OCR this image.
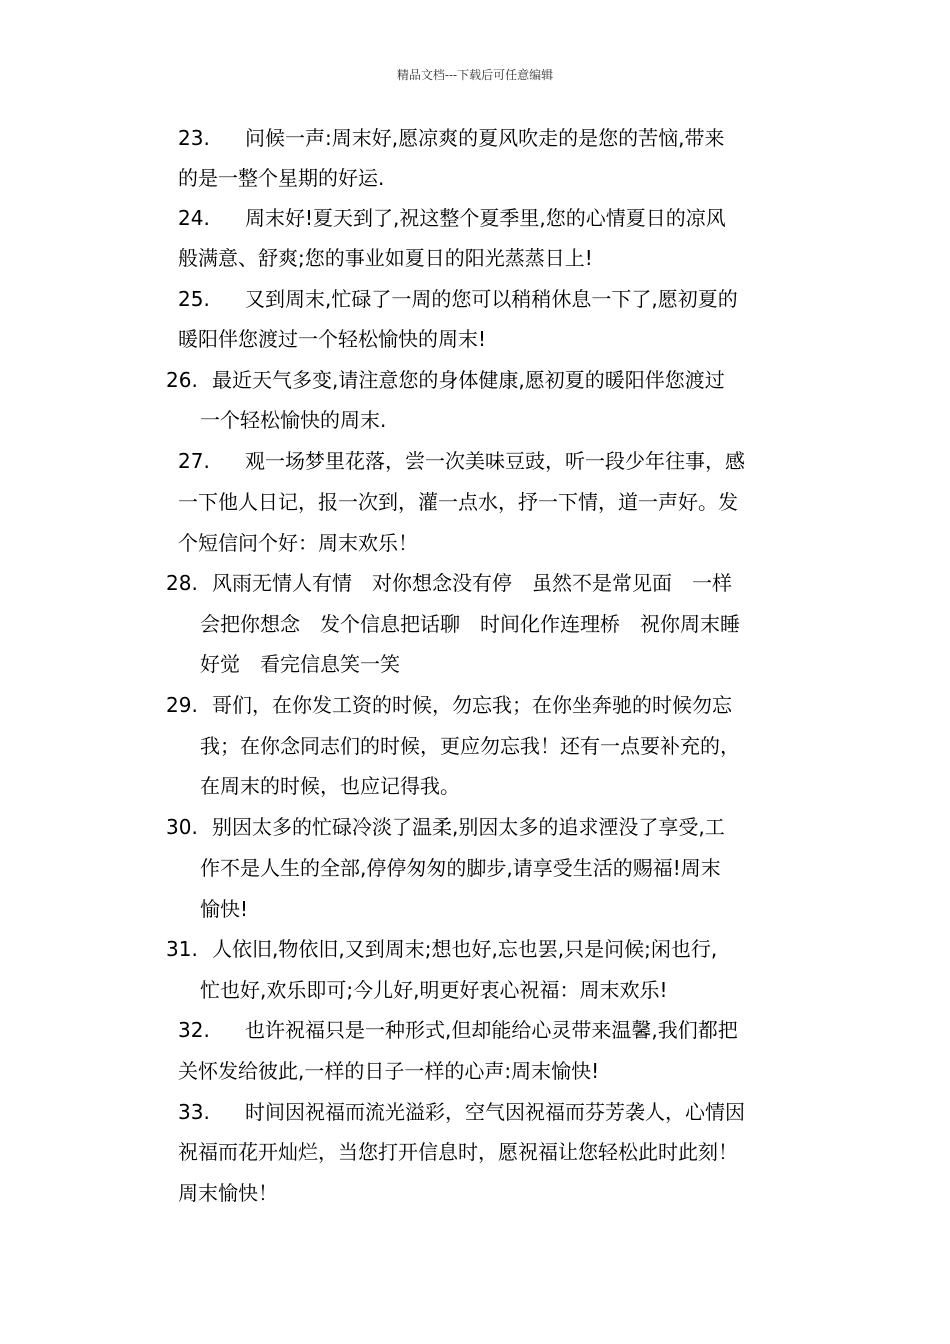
精品文档---下载后可任意编辑
23. 问候一声:周末好,愿凉爽的夏风吹走的是您的苦恼,带来
的是一整个星期的好运.
24. 周末好!夏天到了,祝这整个夏季里,您的心情夏日的凉风
般满意、舒爽;您的事业如夏日的阳光蒸蒸日上!
25. 又到周末,忙碌了一周的您可以稍稍休息一下了,愿初夏的
暖阳伴您渡过一个轻松愉快的周末!
26. 最近天气多变,请注意您的身体健康,愿初夏的暖阳伴您渡过
一个轻松愉快的周末.
27. 观一场梦里花落，尝一次美味豆豉，听一段少年往事，感
一下他人日记，报一次到，灌一点水，抒一下情，道一声好。发
个短信问个好：周末欢乐！
28. 风雨无情人有情　对你想念没有停　虽然不是常见面　一样
会把你想念　发个信息把话聊　时间化作连理桥　祝你周末睡
好觉　看完信息笑一笑
29. 哥们，在你发工资的时候，勿忘我；在你坐奔驰的时候勿忘
我；在你念同志们的时候，更应勿忘我！还有一点要补充的，
在周末的时候，也应记得我。
30. 别因太多的忙碌冷淡了温柔,别因太多的追求湮没了享受,工
作不是人生的全部,停停匆匆的脚步,请享受生活的赐福!周末
愉快!
31. 人依旧,物依旧,又到周末;想也好,忘也罢,只是问候;闲也行,
忙也好,欢乐即可;今儿好,明更好衷心祝福：周末欢乐!
32. 也许祝福只是一种形式,但却能给心灵带来温馨,我们都把
关怀发给彼此,一样的日子一样的心声:周末愉快!
33. 时间因祝福而流光溢彩，空气因祝福而芬芳袭人，心情因
祝福而花开灿烂，当您打开信息时，愿祝福让您轻松此时此刻！
周末愉快！
